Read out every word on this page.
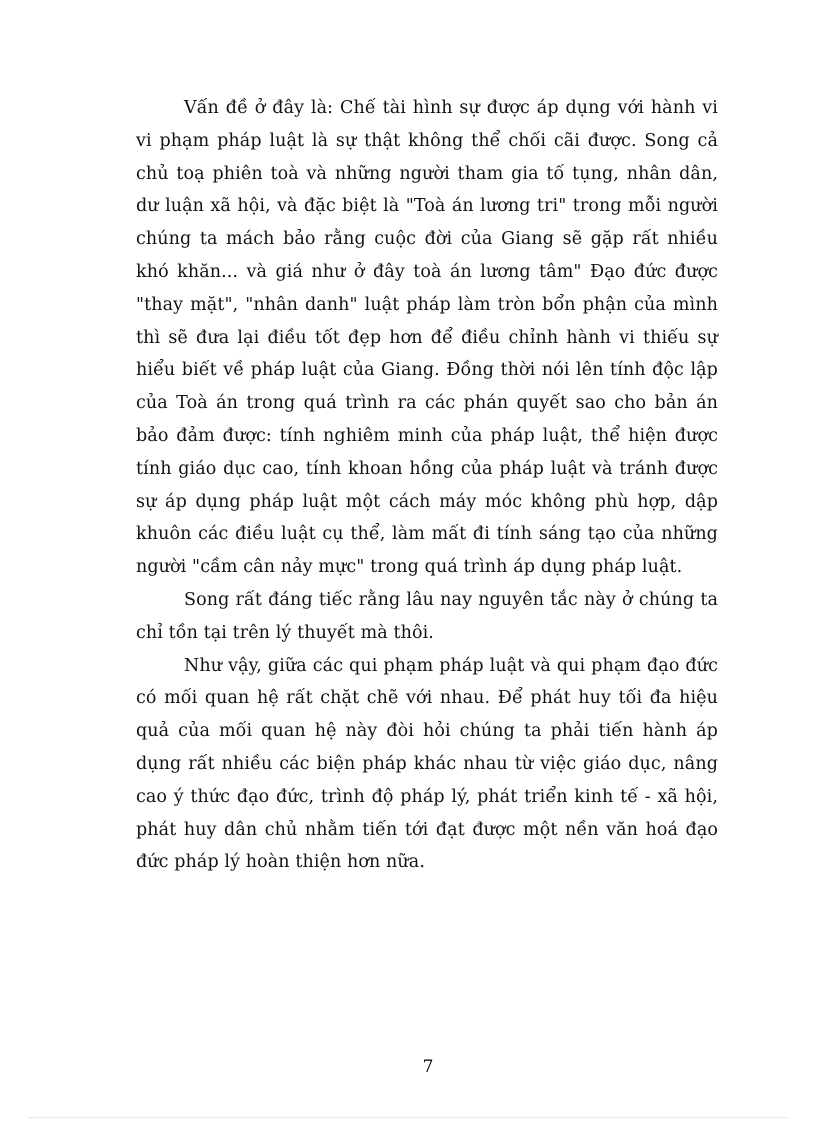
Vấn đề ở đây là: Chế tài hình sự được áp dụng với hành vi vi phạm pháp luật là sự thật không thể chối cãi được. Song cả chủ toạ phiên toà và những người tham gia tố tụng, nhân dân, dư luận xã hội, và đặc biệt là "Toà án lương tri" trong mỗi người chúng ta mách bảo rằng cuộc đời của Giang sẽ gặp rất nhiều khó khăn... và giá như ở đây toà án lương tâm" Đạo đức được "thay mặt", "nhân danh" luật pháp làm tròn bổn phận của mình thì sẽ đưa lại điều tốt đẹp hơn để điều chỉnh hành vi thiếu sự hiểu biết về pháp luật của Giang. Đồng thời nói lên tính độc lập của Toà án trong quá trình ra các phán quyết sao cho bản án bảo đảm được: tính nghiêm minh của pháp luật, thể hiện được tính giáo dục cao, tính khoan hồng của pháp luật và tránh được sự áp dụng pháp luật một cách máy móc không phù hợp, dập khuôn các điều luật cụ thể, làm mất đi tính sáng tạo của những người "cầm cân nảy mực" trong quá trình áp dụng pháp luật.

Song rất đáng tiếc rằng lâu nay nguyên tắc này ở chúng ta chỉ tồn tại trên lý thuyết mà thôi.

Như vậy, giữa các qui phạm pháp luật và qui phạm đạo đức có mối quan hệ rất chặt chẽ với nhau. Để phát huy tối đa hiệu quả của mối quan hệ này đòi hỏi chúng ta phải tiến hành áp dụng rất nhiều các biện pháp khác nhau từ việc giáo dục, nâng cao ý thức đạo đức, trình độ pháp lý, phát triển kinh tế - xã hội, phát huy dân chủ nhằm tiến tới đạt được một nền văn hoá đạo đức pháp lý hoàn thiện hơn nữa.

7
